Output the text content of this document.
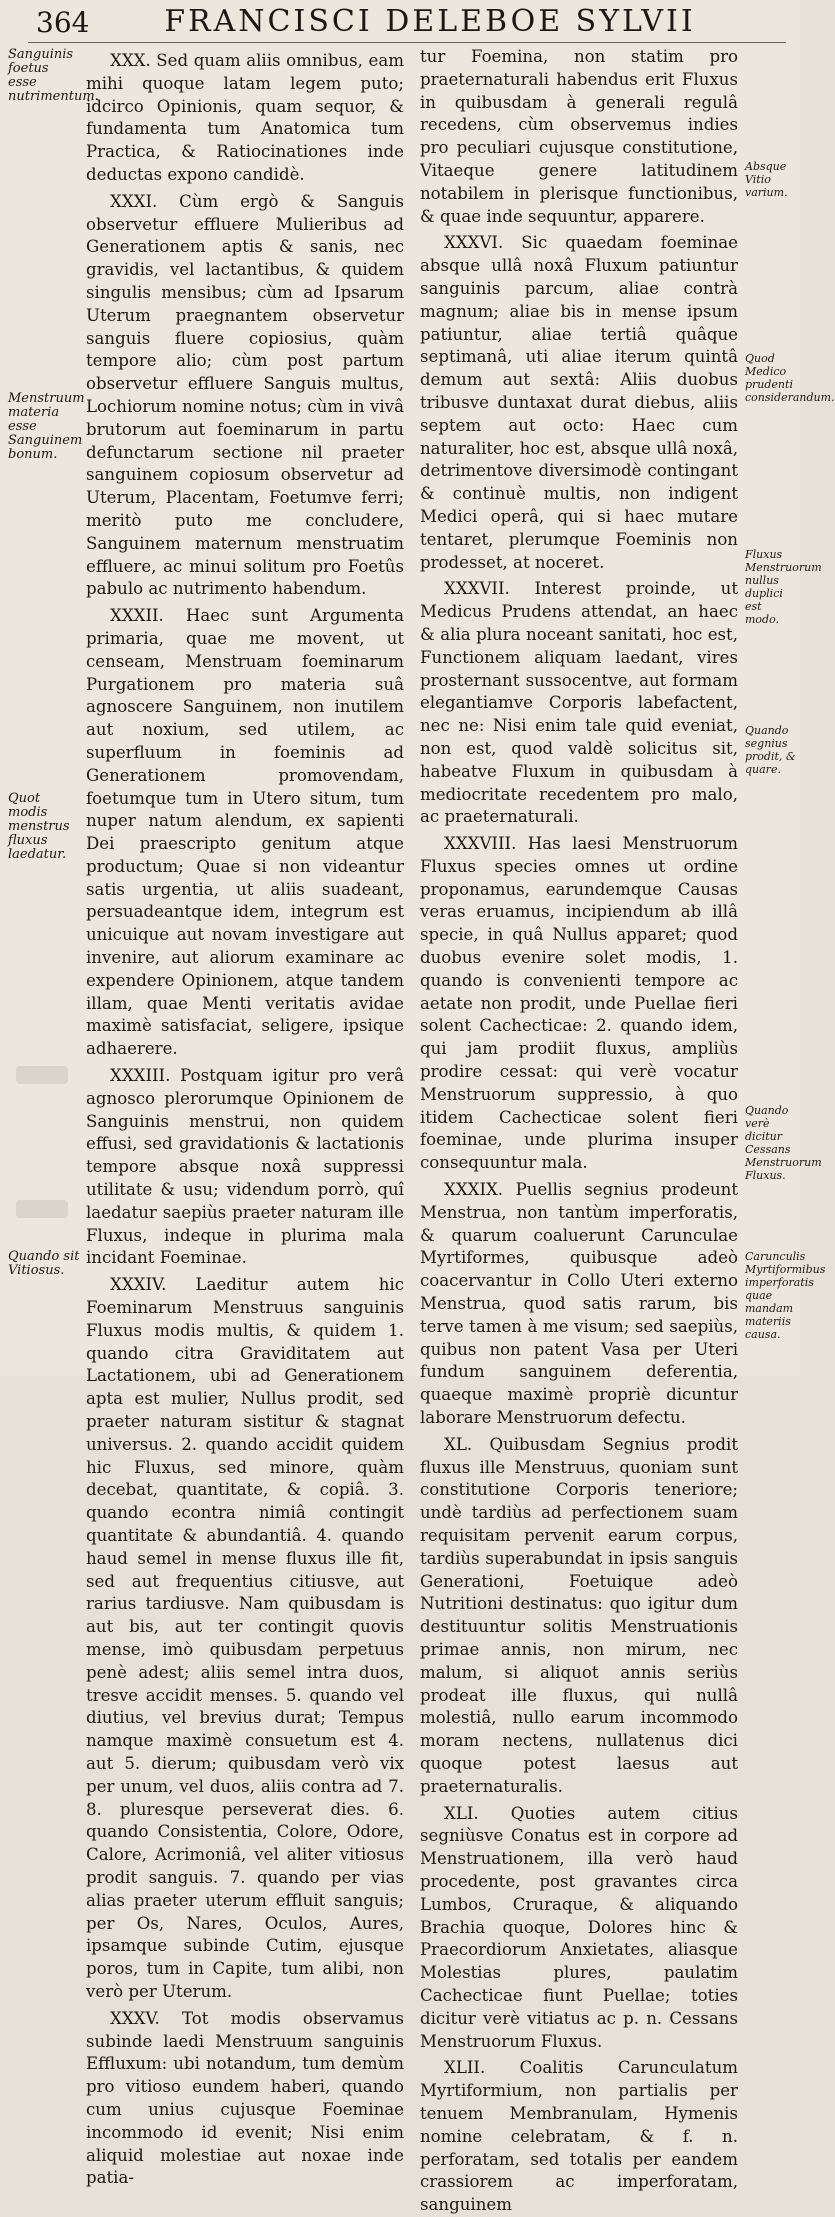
364	FRANCISCI DELEBOE SYLVII

XXX. Sed quam aliis omnibus, eam mihi quoque latam legem puto; idcirco Opinionis, quam sequor, & fundamenta tum Anatomica tum Practica, & Ratiocinationes inde deductas expono candidè.

XXXI. Cùm ergò & Sanguis observetur effluere Mulieribus ad Generationem aptis & sanis, nec gravidis, vel lactantibus, & quidem singulis mensibus; cùm ad Ipsarum Uterum praegnantem observetur sanguis fluere copiosius, quàm tempore alio; cùm post partum observetur effluere Sanguis multus, Lochiorum nomine notus; cùm in vivâ brutorum aut foeminarum in partu defunctarum sectione nil praeter sanguinem copiosum observetur ad Uterum, Placentam, Foetumve ferri; meritò puto me concludere, Sanguinem maternum menstruatim effluere, ac minui solitum pro Foetûs pabulo ac nutrimento habendum.

XXXII. Haec sunt Argumenta primaria, quae me movent, ut censeam, Menstruam foeminarum Purgationem pro materia suâ agnoscere Sanguinem, non inutilem aut noxium, sed utilem, ac superfluum in foeminis ad Generationem promovendam, foetumque tum in Utero situm, tum nuper natum alendum, ex sapienti Dei praescripto genitum atque productum; Quae si non videantur satis urgentia, ut aliis suadeant, persuadeantque idem, integrum est unicuique aut novam investigare aut invenire, aut aliorum examinare ac expendere Opinionem, atque tandem illam, quae Menti veritatis avidae maximè satisfaciat, seligere, ipsique adhaerere.

XXXIII. Postquam igitur pro verâ agnosco plerorumque Opinionem de Sanguinis menstrui, non quidem effusi, sed gravidationis & lactationis tempore absque noxâ suppressi utilitate & usu; videndum porrò, quî laedatur saepiùs praeter naturam ille Fluxus, indeque in plurima mala incidant Foeminae.

XXXIV. Laeditur autem hic Foeminarum Menstruus sanguinis Fluxus modis multis, & quidem 1. quando citra Graviditatem aut Lactationem, ubi ad Generationem apta est mulier, Nullus prodit, sed praeter naturam sistitur & stagnat universus. 2. quando accidit quidem hic Fluxus, sed minore, quàm decebat, quantitate, & copiâ. 3. quando econtra nimiâ contingit quantitate & abundantiâ. 4. quando haud semel in mense fluxus ille fit, sed aut frequentius citiusve, aut rarius tardiusve. Nam quibusdam is aut bis, aut ter contingit quovis mense, imò quibusdam perpetuus penè adest; aliis semel intra duos, tresve accidit menses. 5. quando vel diutius, vel brevius durat; Tempus namque maximè consuetum est 4. aut 5. dierum; quibusdam verò vix per unum, vel duos, aliis contra ad 7. 8. pluresque perseverat dies. 6. quando Consistentia, Colore, Odore, Calore, Acrimoniâ, vel aliter vitiosus prodit sanguis. 7. quando per vias alias praeter uterum effluit sanguis; per Os, Nares, Oculos, Aures, ipsamque subinde Cutim, ejusque poros, tum in Capite, tum alibi, non verò per Uterum.

XXXV. Tot modis observamus subinde laedi Menstruum sanguinis Effluxum: ubi notandum, tum demùm pro vitioso eundem haberi, quando cum unius cujusque Foeminae incommodo id evenit; Nisi enim aliquid molestiae aut noxae inde patia-

tur Foemina, non statim pro praeternaturali habendus erit Fluxus in quibusdam à generali regulâ recedens, cùm observemus indies pro peculiari cujusque constitutione, Vitaeque genere latitudinem notabilem in plerisque functionibus, & quae inde sequuntur, apparere.

XXXVI. Sic quaedam foeminae absque ullâ noxâ Fluxum patiuntur sanguinis parcum, aliae contrà magnum; aliae bis in mense ipsum patiuntur, aliae tertiâ quâque septimanâ, uti aliae iterum quintâ demum aut sextâ: Aliis duobus tribusve duntaxat durat diebus, aliis septem aut octo: Haec cum naturaliter, hoc est, absque ullâ noxâ, detrimentove diversimodè contingant & continuè multis, non indigent Medici operâ, qui si haec mutare tentaret, plerumque Foeminis non prodesset, at noceret.

XXXVII. Interest proinde, ut Medicus Prudens attendat, an haec & alia plura noceant sanitati, hoc est, Functionem aliquam laedant, vires prosternant sussocentve, aut formam elegantiamve Corporis labefactent, nec ne: Nisi enim tale quid eveniat, non est, quod valdè solicitus sit, habeatve Fluxum in quibusdam à mediocritate recedentem pro malo, ac praeternaturali.

XXXVIII. Has laesi Menstruorum Fluxus species omnes ut ordine proponamus, earundemque Causas veras eruamus, incipiendum ab illâ specie, in quâ Nullus apparet; quod duobus evenire solet modis, 1. quando is convenienti tempore ac aetate non prodit, unde Puellae fieri solent Cachecticae: 2. quando idem, qui jam prodiit fluxus, ampliùs prodire cessat: qui verè vocatur Menstruorum suppressio, à quo itidem Cachecticae solent fieri foeminae, unde plurima insuper consequuntur mala.

XXXIX. Puellis segnius prodeunt Menstrua, non tantùm imperforatis, & quarum coaluerunt Carunculae Myrtiformes, quibusque adeò coacervantur in Collo Uteri externo Menstrua, quod satis rarum, bis terve tamen à me visum; sed saepiùs, quibus non patent Vasa per Uteri fundum sanguinem deferentia, quaeque maximè propriè dicuntur laborare Menstruorum defectu.

XL. Quibusdam Segnius prodit fluxus ille Menstruus, quoniam sunt constitutione Corporis teneriore; undè tardiùs ad perfectionem suam requisitam pervenit earum corpus, tardiùs superabundat in ipsis sanguis Generationi, Foetuique adeò Nutritioni destinatus: quo igitur dum destituuntur solitis Menstruationis primae annis, non mirum, nec malum, si aliquot annis seriùs prodeat ille fluxus, qui nullâ molestiâ, nullo earum incommodo moram nectens, nullatenus dici quoque potest laesus aut praeternaturalis.

XLI. Quoties autem citius segniùsve Conatus est in corpore ad Menstruationem, illa verò haud procedente, post gravantes circa Lumbos, Cruraque, & aliquando Brachia quoque, Dolores hinc & Praecordiorum Anxietates, aliasque Molestias plures, paulatim Cachecticae fiunt Puellae; toties dicitur verè vitiatus ac p. n. Cessans Menstruorum Fluxus.

XLII. Coalitis Carunculatum Myrtiformium, non partialis per tenuem Membranulam, Hymenis nomine celebratam, & f. n. perforatam, sed totalis per eandem crassiorem ac imperforatam, sanguinem

Sanguinis foetus esse nutrimentum.
Menstruum materia esse Sanguinem bonum.
Quot modis menstrus fluxus laedatur.
Quando sit Vitiosus.
Absque Vitio varium.
Quod Medico prudenti considerandum.
Fluxus Menstruorum nullus duplici est modo.
Quando segnius prodit, & quare.
Quando verè dicitur Cessans Menstruorum Fluxus.
Carunculis Myrtiformibus imperforatis quae mandam materiis causa.
